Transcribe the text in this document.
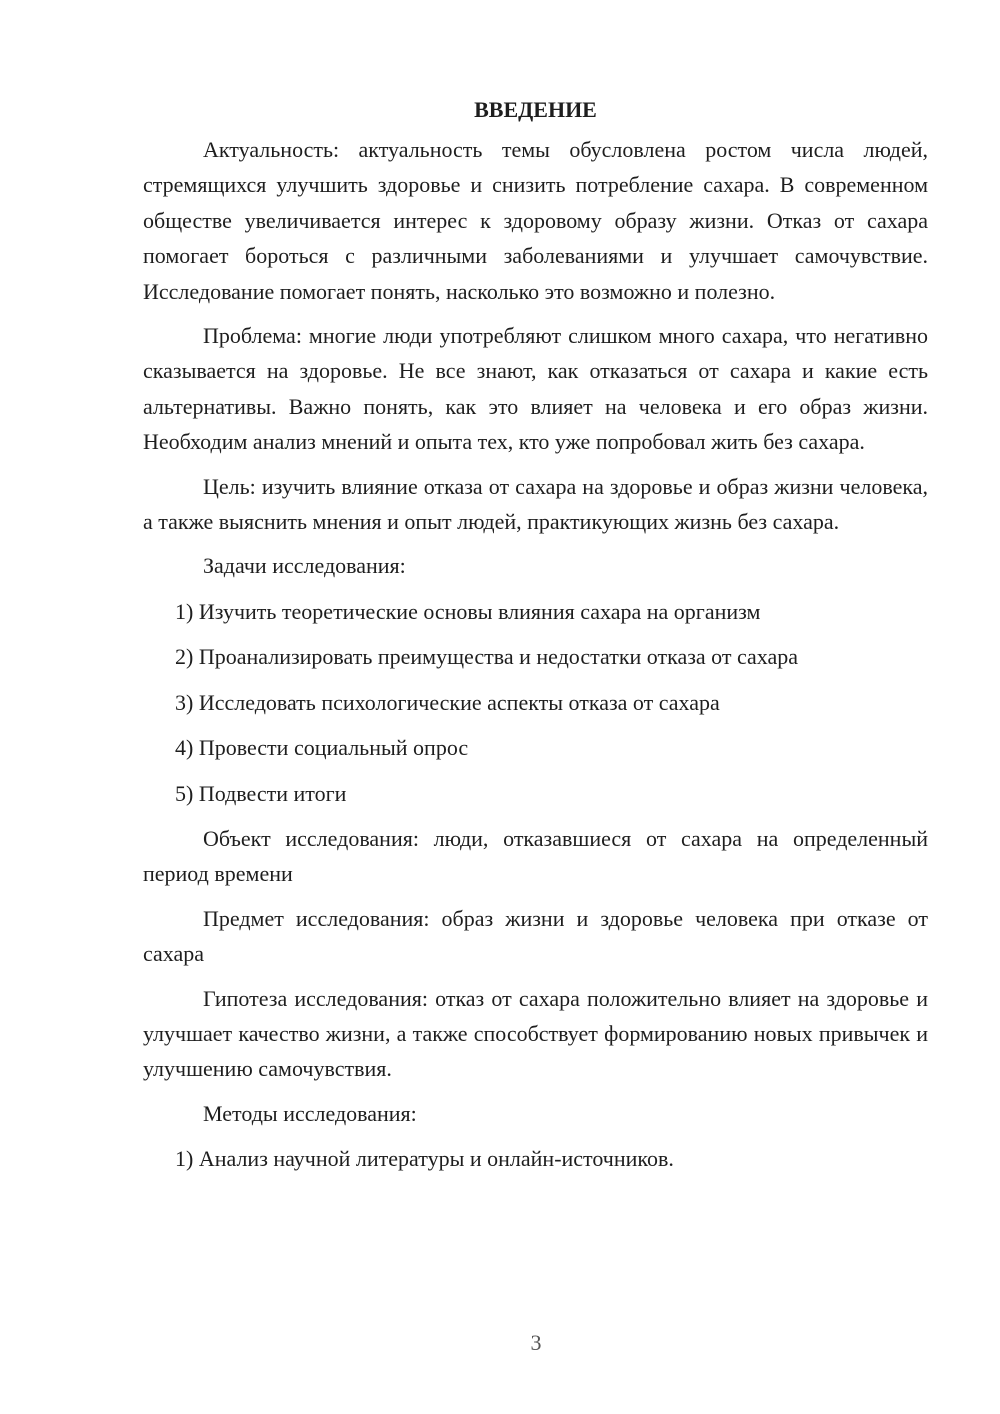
ВВЕДЕНИЕ

Актуальность: актуальность темы обусловлена ростом числа людей, стремящихся улучшить здоровье и снизить потребление сахара. В современном обществе увеличивается интерес к здоровому образу жизни. Отказ от сахара помогает бороться с различными заболеваниями и улучшает самочувствие. Исследование помогает понять, насколько это возможно и полезно.

Проблема: многие люди употребляют слишком много сахара, что негативно сказывается на здоровье. Не все знают, как отказаться от сахара и какие есть альтернативы. Важно понять, как это влияет на человека и его образ жизни. Необходим анализ мнений и опыта тех, кто уже попробовал жить без сахара.

Цель: изучить влияние отказа от сахара на здоровье и образ жизни человека, а также выяснить мнения и опыт людей, практикующих жизнь без сахара.

Задачи исследования:

1) Изучить теоретические основы влияния сахара на организм

2) Проанализировать преимущества и недостатки отказа от сахара

3) Исследовать психологические аспекты отказа от сахара

4) Провести социальный опрос

5) Подвести итоги

Объект исследования: люди, отказавшиеся от сахара на определенный период времени

Предмет исследования: образ жизни и здоровье человека при отказе от сахара

Гипотеза исследования: отказ от сахара положительно влияет на здоровье и улучшает качество жизни, а также способствует формированию новых привычек и улучшению самочувствия.

Методы исследования:

1) Анализ научной литературы и онлайн-источников.

3
